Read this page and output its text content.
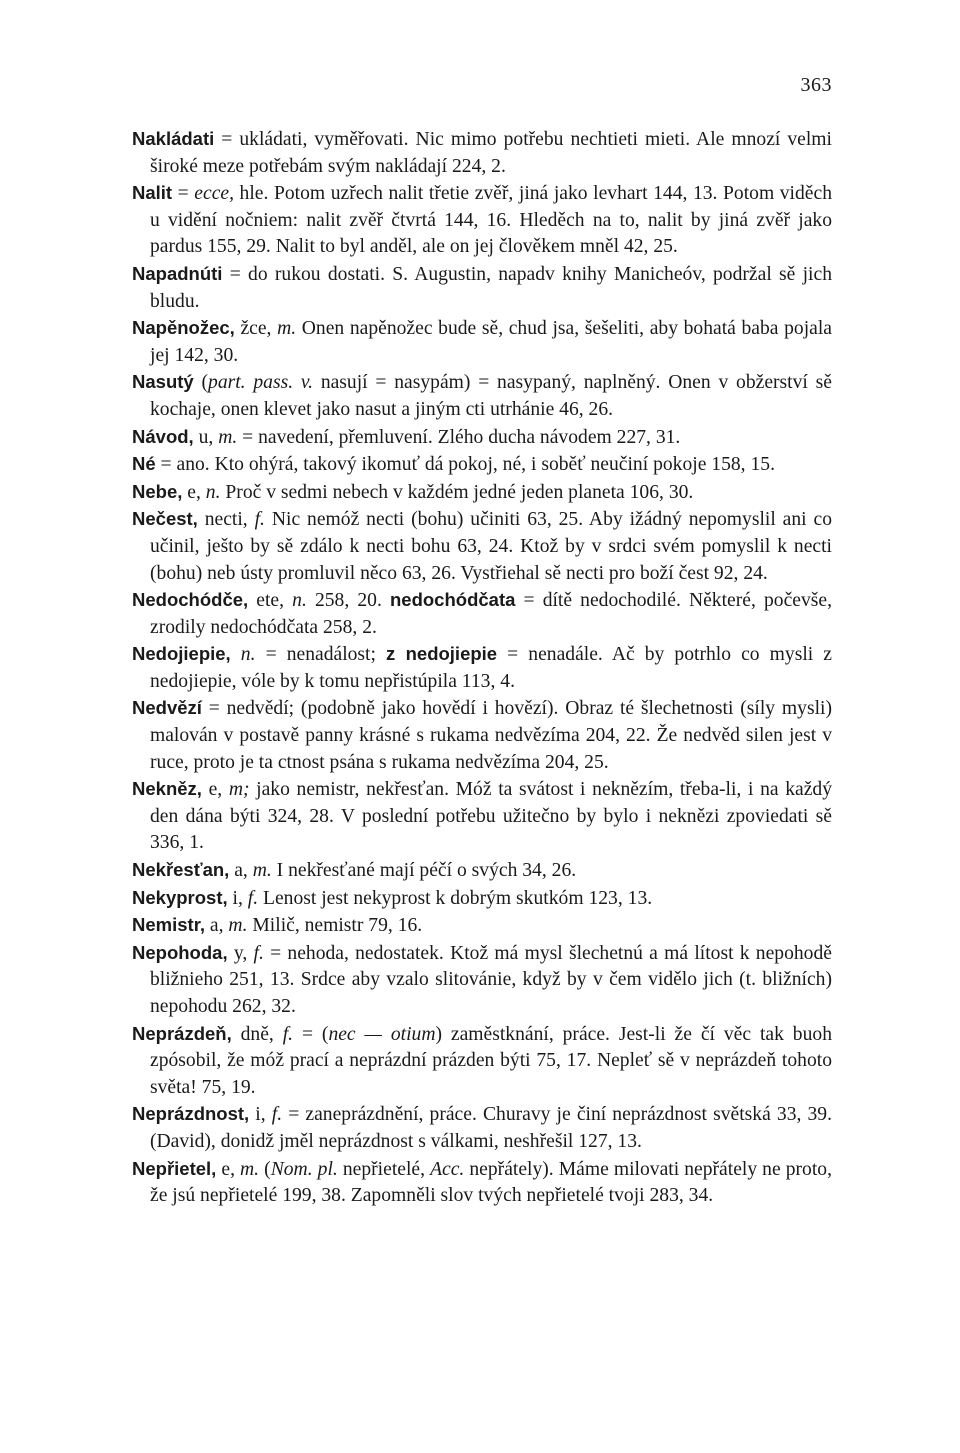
363

Nakládati = ukládati, vyměřovati. Nic mimo potřebu nechtieti mieti. Ale mnozí velmi široké meze potřebám svým nakládají 224, 2.

Nalit = ecce, hle. Potom uzřech nalit třetie zvěř, jiná jako levhart 144, 13. Potom viděch u vidění nočniem: nalit zvěř čtvrtá 144, 16. Hleděch na to, nalit by jiná zvěř jako pardus 155, 29. Nalit to byl anděl, ale on jej člověkem mněl 42, 25.

Napadnúti = do rukou dostati. S. Augustin, napadv knihy Manicheóv, podržal sě jich bludu.

Napěnožec, žce, m. Onen napěnožec bude sě, chud jsa, šešeliti, aby bohatá baba pojala jej 142, 30.

Nasutý (part. pass. v. nasují = nasypám) = nasypaný, naplněný. Onen v obžerství sě kochaje, onen klevet jako nasut a jiným cti utrhánie 46, 26.

Návod, u, m. = navedení, přemluvení. Zlého ducha návodem 227, 31.

Né = ano. Kto ohýrá, takový ikomuť dá pokoj, né, i soběť neučiní pokoje 158, 15.

Nebe, e, n. Proč v sedmi nebech v každém jedné jeden planeta 106, 30.

Nečest, necti, f. Nic nemóž necti (bohu) učiniti 63, 25. Aby ižádný nepomyslil ani co učinil, ješto by sě zdálo k necti bohu 63, 24. Ktož by v srdci svém pomyslil k necti (bohu) neb ústy promluvil něco 63, 26. Vystřiehal sě necti pro boží čest 92, 24.

Nedochódče, ete, n. 258, 20. nedochódčata = dítě nedochodilé. Některé, počevše, zrodily nedochódčata 258, 2.

Nedojiepie, n. = nenadálost; z nedojiepie = nenadále. Ač by potrhlo co mysli z nedojiepie, vóle by k tomu nepřistúpila 113, 4.

Nedvězí = nedvědí; (podobně jako hovědí i hovězí). Obraz té šlechetnosti (síly mysli) malován v postavě panny krásné s rukama nedvězíma 204, 22. Že nedvěd silen jest v ruce, proto je ta ctnost psána s rukama nedvězíma 204, 25.

Nekněz, e, m; jako nemistr, nekřesťan. Móž ta svátost i neknězím, třeba-li, i na každý den dána býti 324, 28. V poslední potřebu užitečno by bylo i neknězi zpoviedati sě 336, 1.

Nekřesťan, a, m. I nekřesťané mají péčí o svých 34, 26.

Nekyprost, i, f. Lenost jest nekyprost k dobrým skutkóm 123, 13.

Nemistr, a, m. Milič, nemistr 79, 16.

Nepohoda, y, f. = nehoda, nedostatek. Ktož má mysl šlechetnú a má lítost k nepohodě bližnieho 251, 13. Srdce aby vzalo slitovánie, když by v čem vidělo jich (t. bližních) nepohodu 262, 32.

Neprázdeň, dně, f. = (nec — otium) zaměstknání, práce. Jest-li že čí věc tak buoh zpósobil, že móž prací a neprázdní prázden býti 75, 17. Nepleť sě v neprázdeň tohoto světa! 75, 19.

Neprázdnost, i, f. = zaneprázdnění, práce. Churavy je činí neprázdnost světská 33, 39. (David), donidž jměl neprázdnost s válkami, neshřešil 127, 13.

Nepřietel, e, m. (Nom. pl. nepřietelé, Acc. nepřátely). Máme milovati nepřátely ne proto, že jsú nepřietelé 199, 38. Zapomněli slov tvých nepřietelé tvoji 283, 34.
